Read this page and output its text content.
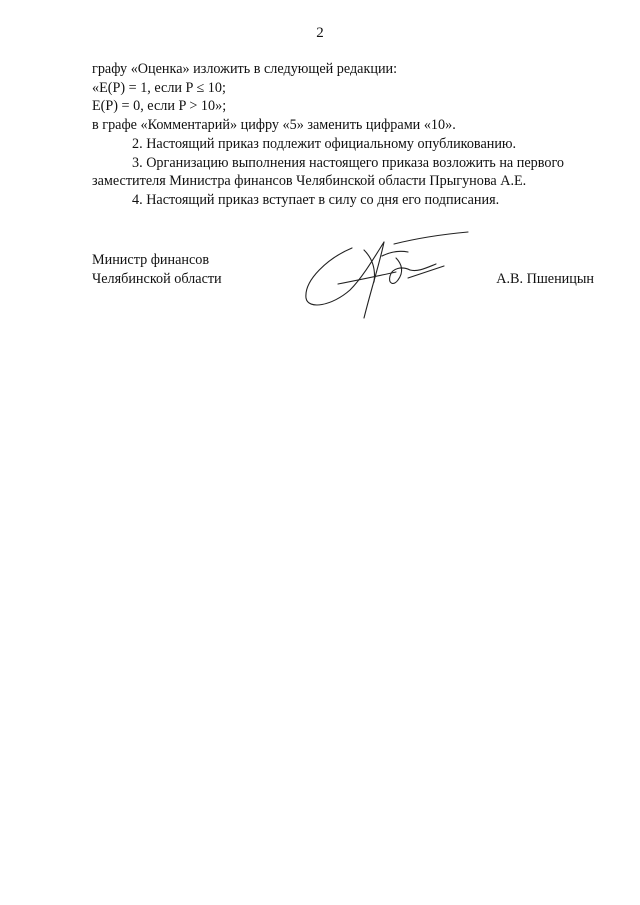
2
графу «Оценка» изложить в следующей редакции:
«E(P) = 1, если P ≤ 10;
E(P) = 0, если P > 10»;
в графе «Комментарий» цифру «5» заменить цифрами «10».
2. Настоящий приказ подлежит официальному опубликованию.
3. Организацию выполнения настоящего приказа возложить на первого
заместителя Министра финансов Челябинской области Прыгунова А.Е.
4. Настоящий приказ вступает в силу со дня его подписания.
Министр финансов
Челябинской области	А.В. Пшеницын
